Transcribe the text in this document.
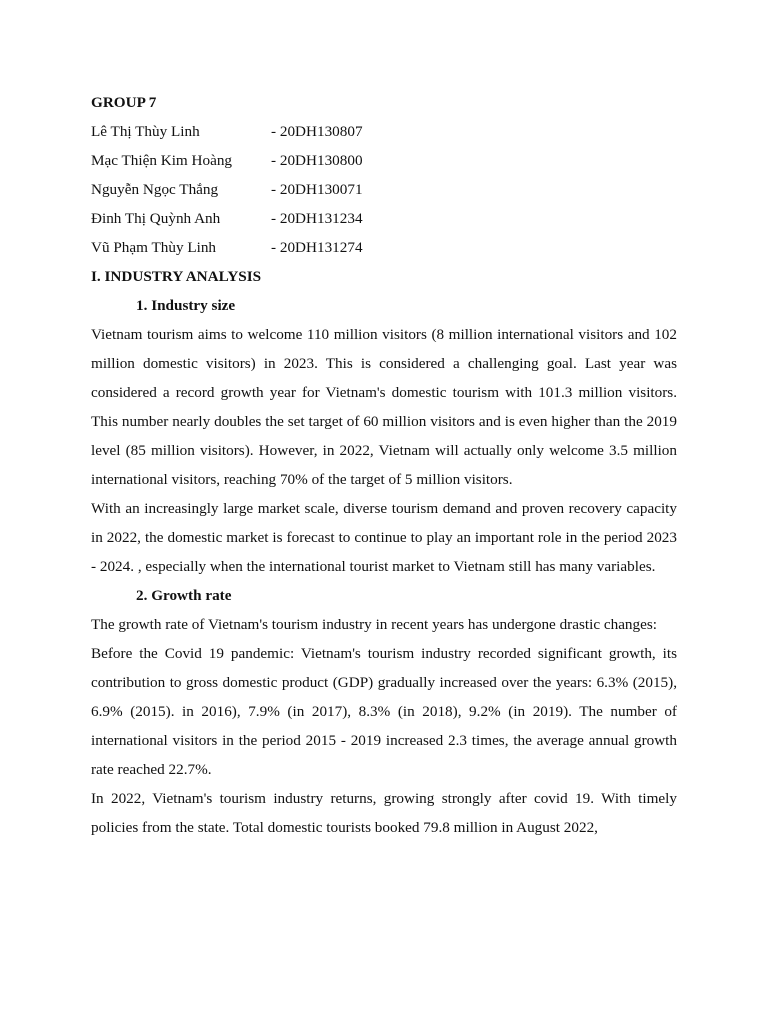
GROUP 7
Lê Thị Thùy Linh	- 20DH130807
Mạc Thiện Kim Hoàng	- 20DH130800
Nguyễn Ngọc Thắng	- 20DH130071
Đinh Thị Quỳnh Anh	- 20DH131234
Vũ Phạm Thùy Linh	- 20DH131274
I. INDUSTRY ANALYSIS
1. Industry size

Vietnam tourism aims to welcome 110 million visitors (8 million international visitors and 102 million domestic visitors) in 2023. This is considered a challenging goal. Last year was considered a record growth year for Vietnam's domestic tourism with 101.3 million visitors. This number nearly doubles the set target of 60 million visitors and is even higher than the 2019 level (85 million visitors). However, in 2022, Vietnam will actually only welcome 3.5 million international visitors, reaching 70% of the target of 5 million visitors.

With an increasingly large market scale, diverse tourism demand and proven recovery capacity in 2022, the domestic market is forecast to continue to play an important role in the period 2023 - 2024. , especially when the international tourist market to Vietnam still has many variables.

2. Growth rate

The growth rate of Vietnam's tourism industry in recent years has undergone drastic changes:

Before the Covid 19 pandemic: Vietnam's tourism industry recorded significant growth, its contribution to gross domestic product (GDP) gradually increased over the years: 6.3% (2015), 6.9% (2015). in 2016), 7.9% (in 2017), 8.3% (in 2018), 9.2% (in 2019). The number of international visitors in the period 2015 - 2019 increased 2.3 times, the average annual growth rate reached 22.7%.

In 2022, Vietnam's tourism industry returns, growing strongly after covid 19. With timely policies from the state. Total domestic tourists booked 79.8 million in August 2022,
